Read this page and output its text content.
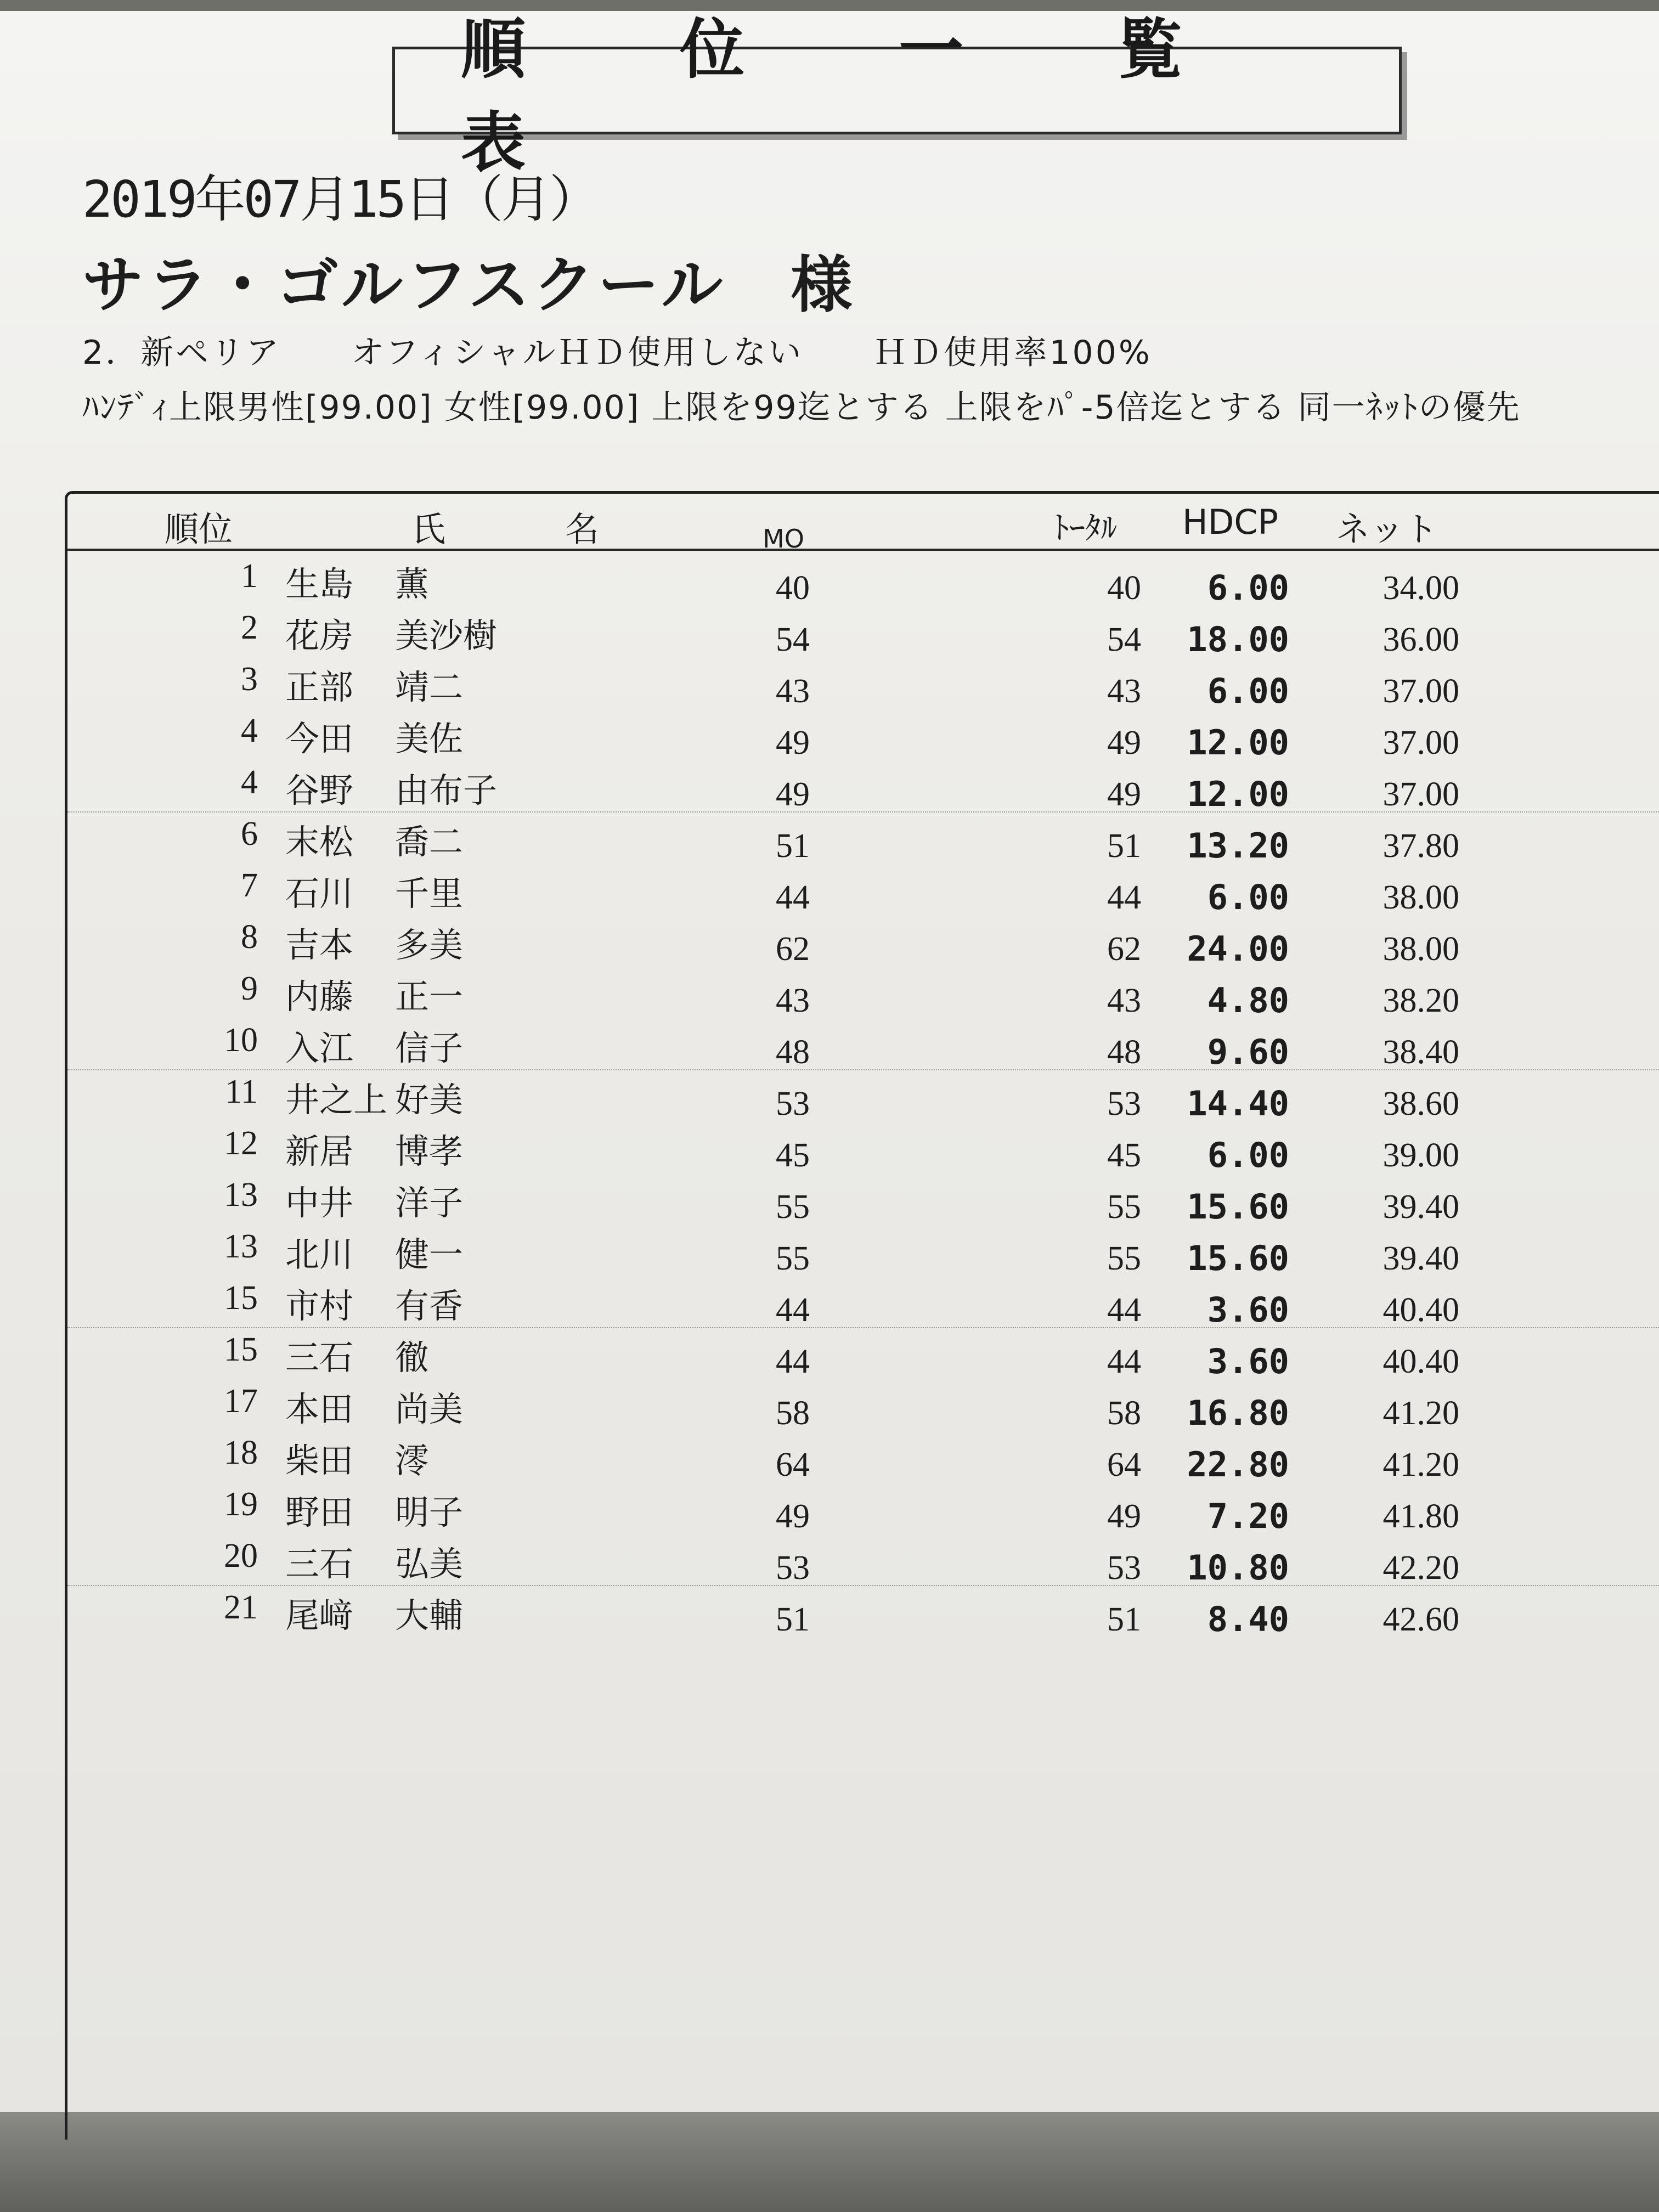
順 位 一 覧 表
2019年07月15日（月）
サラ・ゴルフスクール　様
2．新ペリア　　オフィシャルＨＤ使用しない　　ＨＤ使用率100%
ﾊﾝﾃﾞｨ上限男性[99.00] 女性[99.00] 上限を99迄とする 上限をﾊﾟ-5倍迄とする 同一ﾈｯﾄの優先
順位	氏	名	MO	ﾄｰﾀﾙ HDCP ネット
1 生島 薫	40	40	6.00	34.00
2 花房 美沙樹	54	54	18.00	36.00
3 正部 靖二	43	43	6.00	37.00
4 今田 美佐	49	49	12.00	37.00
4 谷野 由布子	49	49	12.00	37.00
6 末松 喬二	51	51	13.20	37.80
7 石川 千里	44	44	6.00	38.00
8 吉本 多美	62	62	24.00	38.00
9 内藤 正一	43	43	4.80	38.20
10 入江 信子	48	48	9.60	38.40
11 井之上 好美	53	53	14.40	38.60
12 新居 博孝	45	45	6.00	39.00
13 中井 洋子	55	55	15.60	39.40
13 北川 健一	55	55	15.60	39.40
15 市村 有香	44	44	3.60	40.40
15 三石 徹	44	44	3.60	40.40
17 本田 尚美	58	58	16.80	41.20
18 柴田 澪	64	64	22.80	41.20
19 野田 明子	49	49	7.20	41.80
20 三石 弘美	53	53	10.80	42.20
21 尾﨑 大輔	51	51	8.40	42.60
